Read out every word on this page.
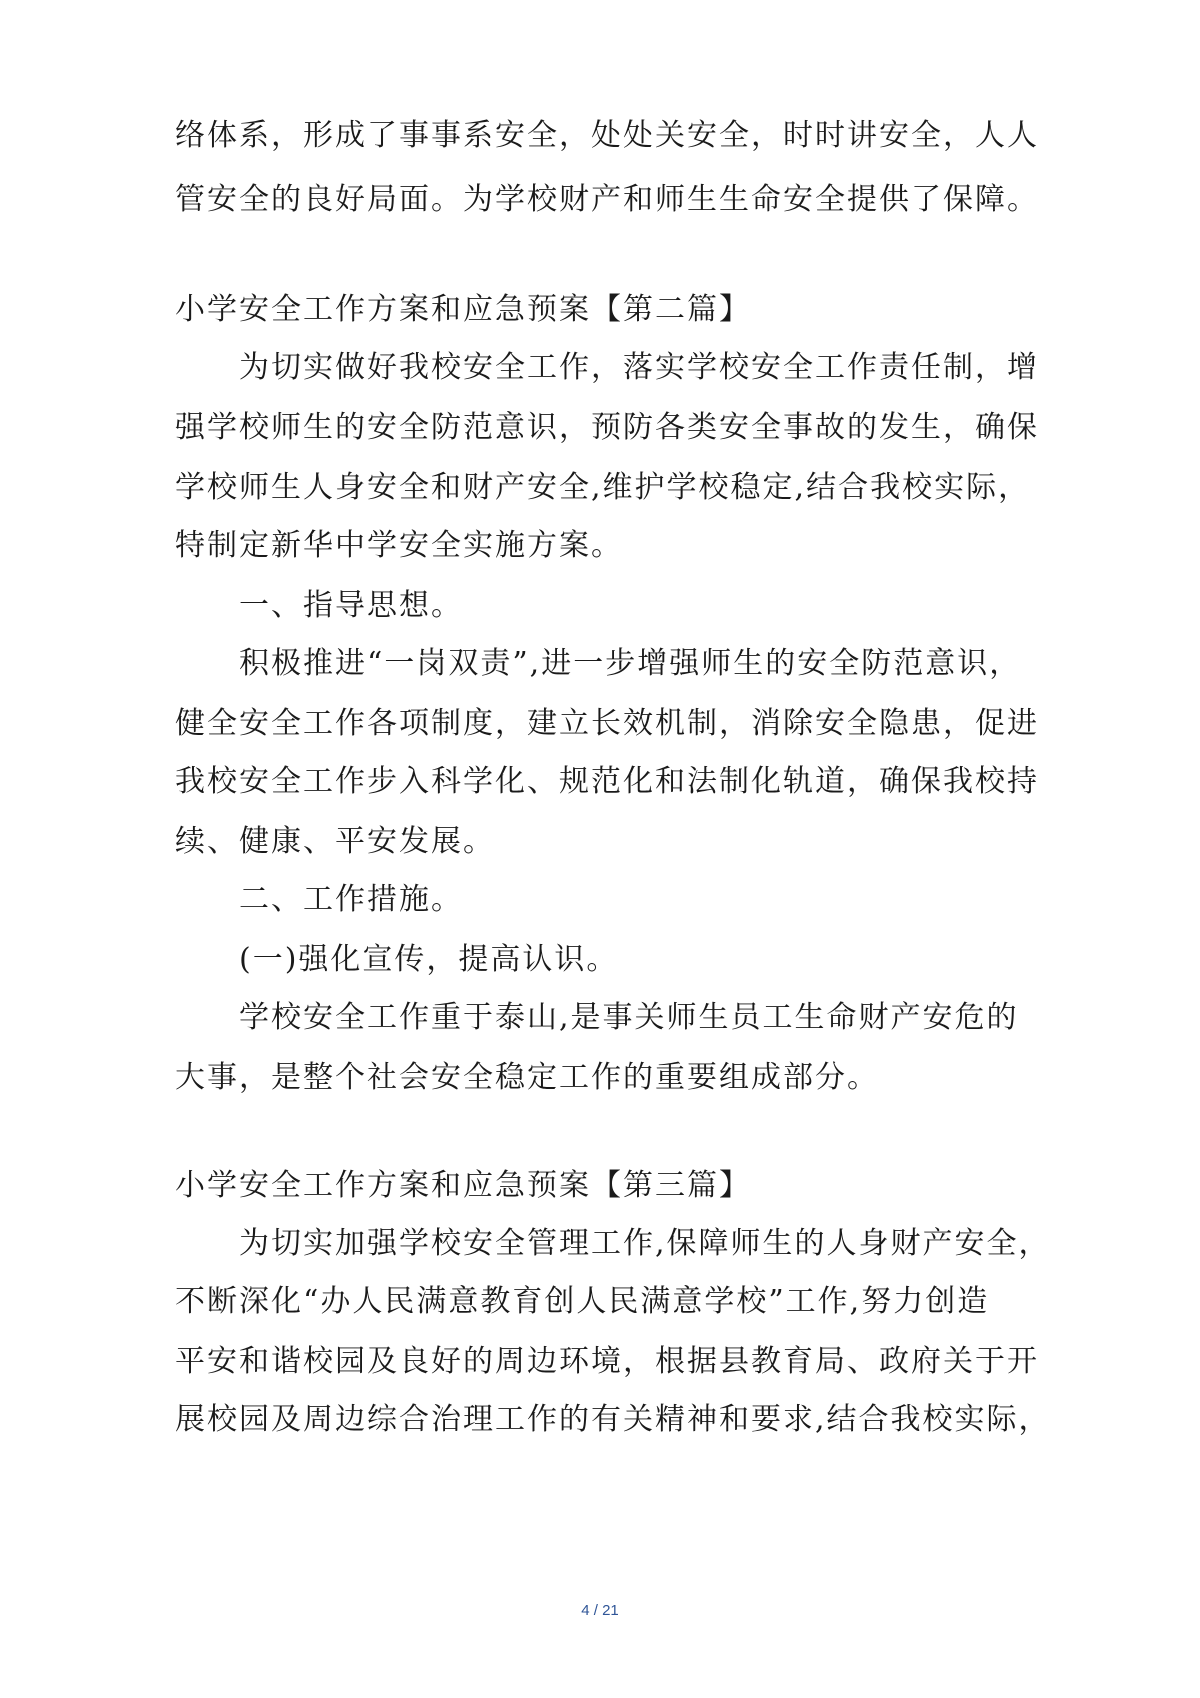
络体系，形成了事事系安全，处处关安全，时时讲安全，人人
管安全的良好局面。为学校财产和师生生命安全提供了保障。
小学安全工作方案和应急预案【第二篇】
为切实做好我校安全工作，落实学校安全工作责任制，增
强学校师生的安全防范意识，预防各类安全事故的发生，确保
学校师生人身安全和财产安全,维护学校稳定,结合我校实际，
特制定新华中学安全实施方案。
一、指导思想。
积极推进“一岗双责”,进一步增强师生的安全防范意识，
健全安全工作各项制度，建立长效机制，消除安全隐患，促进
我校安全工作步入科学化、规范化和法制化轨道，确保我校持
续、健康、平安发展。
二、工作措施。
(一)强化宣传，提高认识。
学校安全工作重于泰山,是事关师生员工生命财产安危的
大事，是整个社会安全稳定工作的重要组成部分。
小学安全工作方案和应急预案【第三篇】
为切实加强学校安全管理工作,保障师生的人身财产安全，
不断深化“办人民满意教育创人民满意学校”工作,努力创造
平安和谐校园及良好的周边环境，根据县教育局、政府关于开
展校园及周边综合治理工作的有关精神和要求,结合我校实际，
4 / 21
